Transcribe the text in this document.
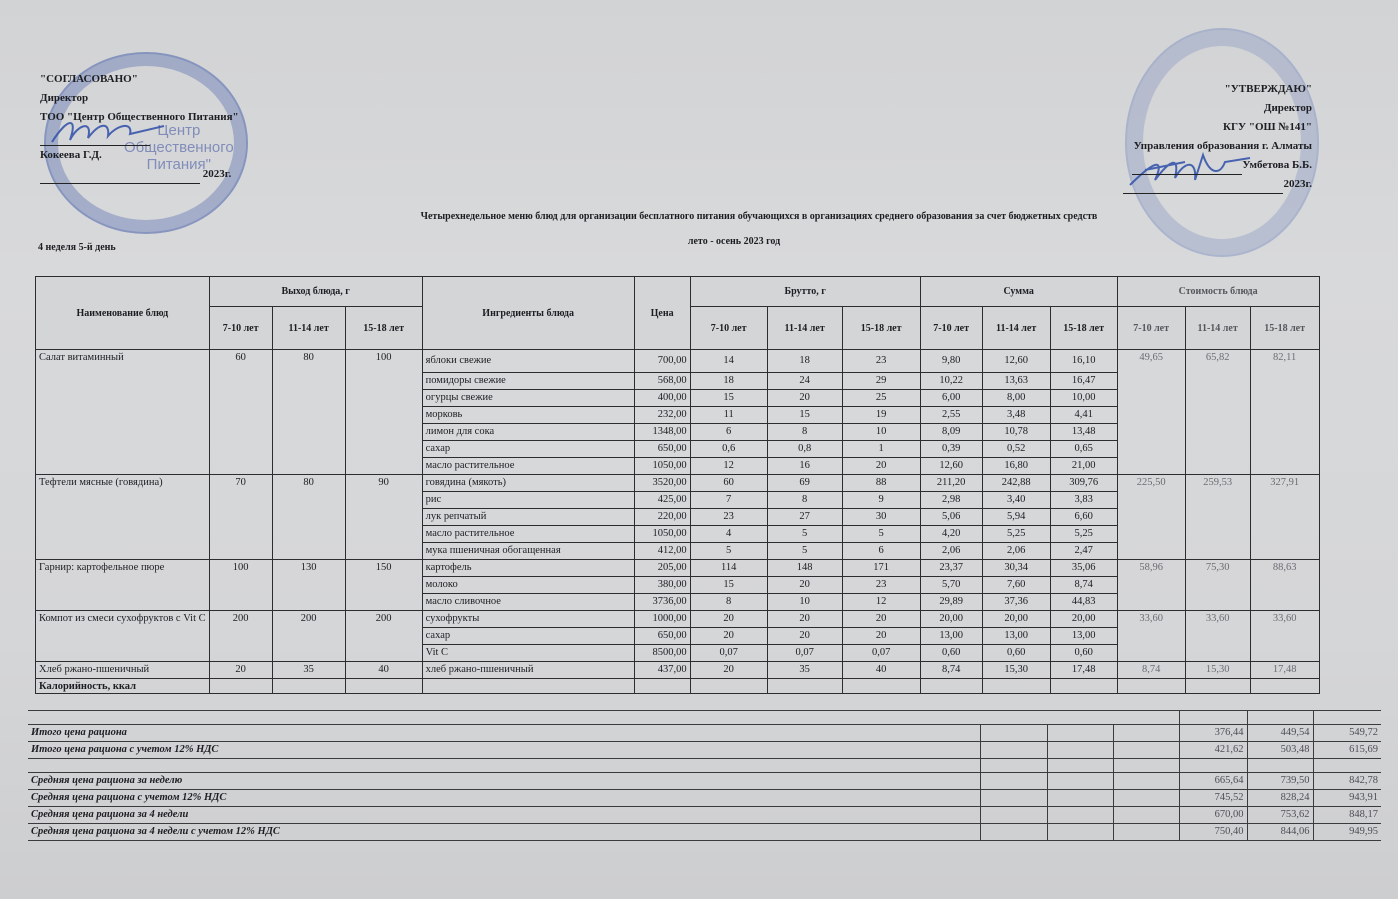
Центр
Общественного
Питания"
"СОГЛАСОВАНО"
Директор
ТОО "Центр Общественного Питания"
Кокеева Г.Д.
2023г.
"УТВЕРЖДАЮ"
Директор
КГУ "ОШ №141"
Управления образования г. Алматы
Умбетова Б.Б.
2023г.
Четырехнедельное меню блюд для организации бесплатного питания обучающихся в организациях среднего образования за счет бюджетных средств
лето - осень 2023 год
4 неделя 5-й день
Наименование блюд	Выход блюда, г			Ингредиенты блюда	Цена	Брутто, г			Сумма			Стоимость блюда		
	7-10 лет	11-14 лет	15-18 лет			7-10 лет	11-14 лет	15-18 лет	7-10 лет	11-14 лет	15-18 лет	7-10 лет	11-14 лет	15-18 лет
Салат витаминный	60	80	100	яблоки свежие	700,00	14	18	23	9,80	12,60	16,10	49,65	65,82	82,11
				помидоры свежие	568,00	18	24	29	10,22	13,63	16,47			
				огурцы свежие	400,00	15	20	25	6,00	8,00	10,00			
				морковь	232,00	11	15	19	2,55	3,48	4,41			
				лимон для сока	1348,00	6	8	10	8,09	10,78	13,48			
				сахар	650,00	0,6	0,8	1	0,39	0,52	0,65			
				масло растительное	1050,00	12	16	20	12,60	16,80	21,00			
Тефтели мясные (говядина)	70	80	90	говядина (мякоть)	3520,00	60	69	88	211,20	242,88	309,76	225,50	259,53	327,91
				рис	425,00	7	8	9	2,98	3,40	3,83			
				лук репчатый	220,00	23	27	30	5,06	5,94	6,60			
				масло растительное	1050,00	4	5	5	4,20	5,25	5,25			
				мука пшеничная обогащенная	412,00	5	5	6	2,06	2,06	2,47			
Гарнир: картофельное пюре	100	130	150	картофель	205,00	114	148	171	23,37	30,34	35,06	58,96	75,30	88,63
				молоко	380,00	15	20	23	5,70	7,60	8,74			
				масло сливочное	3736,00	8	10	12	29,89	37,36	44,83			
Компот из смеси сухофруктов с Vit C	200	200	200	сухофрукты	1000,00	20	20	20	20,00	20,00	20,00	33,60	33,60	33,60
				сахар	650,00	20	20	20	13,00	13,00	13,00			
				Vit C	8500,00	0,07	0,07	0,07	0,60	0,60	0,60			
Хлеб ржано-пшеничный	20	35	40	хлеб ржано-пшеничный	437,00	20	35	40	8,74	15,30	17,48	8,74	15,30	17,48
Калорийность, ккал														

Итого цена рациона				376,44	449,54	549,72
Итого цена рациона с учетом 12% НДС				421,62	503,48	615,69

Средняя цена рациона за неделю				665,64	739,50	842,78
Средняя цена рациона с учетом 12% НДС				745,52	828,24	943,91
Средняя цена рациона за 4 недели				670,00	753,62	848,17
Средняя цена рациона за 4 недели с учетом 12% НДС				750,40	844,06	949,95
